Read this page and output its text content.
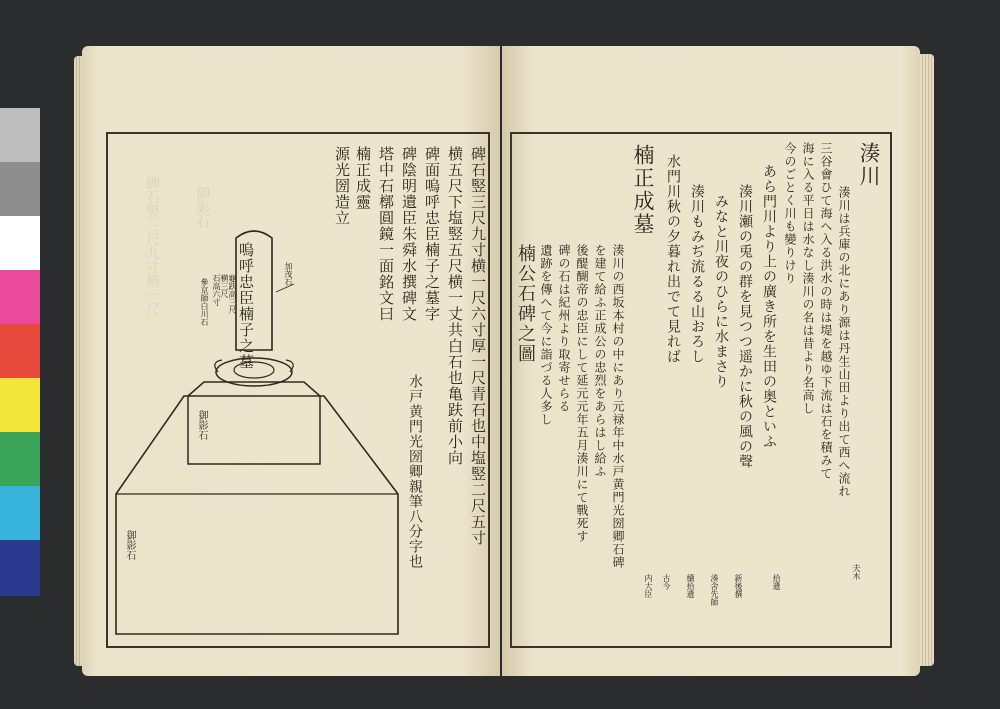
碑石竪三尺九寸横一尺 御影石
嗚呼忠臣楠子之墓
龜趺高三尺
横三尺
石高六寸
參京師白川石
加茂石
御影石
御影石	碑石竪三尺九寸横一尺六寸厚一尺青石也中塩竪二尺五寸
横五尺下塩竪五尺横一丈共白石也亀趺前小向
碑面嗚呼忠臣楠子之墓字
碑陰明遺臣朱舜水撰碑文
水戸黄門光圀卿親筆八分字也
塔中石槨圓鏡一面銘文曰
楠正成靈
源光圀造立	湊川
湊川は兵庫の北にあり源は丹生山田より出て西へ流れ
三谷會ひて海へ入る洪水の時は堤を越ゆ下流は石を積みて
海に入る平日は水なし湊川の名は昔より名高し
今のごとく川も變りけり
あら門川より上の廣き所を生田の奥といふ
湊川瀬の兎の群を見つつ遥かに秋の風の聲
みなと川夜のひらに水まさり
湊川もみぢ流るる山おろし
水門川秋の夕暮れ出でて見れば
楠正成墓
湊川の西坂本村の中にあり元禄年中水戸黄門光圀卿石碑
を建て給ふ正成公の忠烈をあらはし給ふ
後醍醐帝の忠臣にして延元元年五月湊川にて戰死す
碑の石は紀州より取寄せらる
遺跡を傳へて今に詣づる人多し
楠公石碑之圖
夫木
拾遺
新後撰
湊舍先師
續拾遺
古今
内大臣
